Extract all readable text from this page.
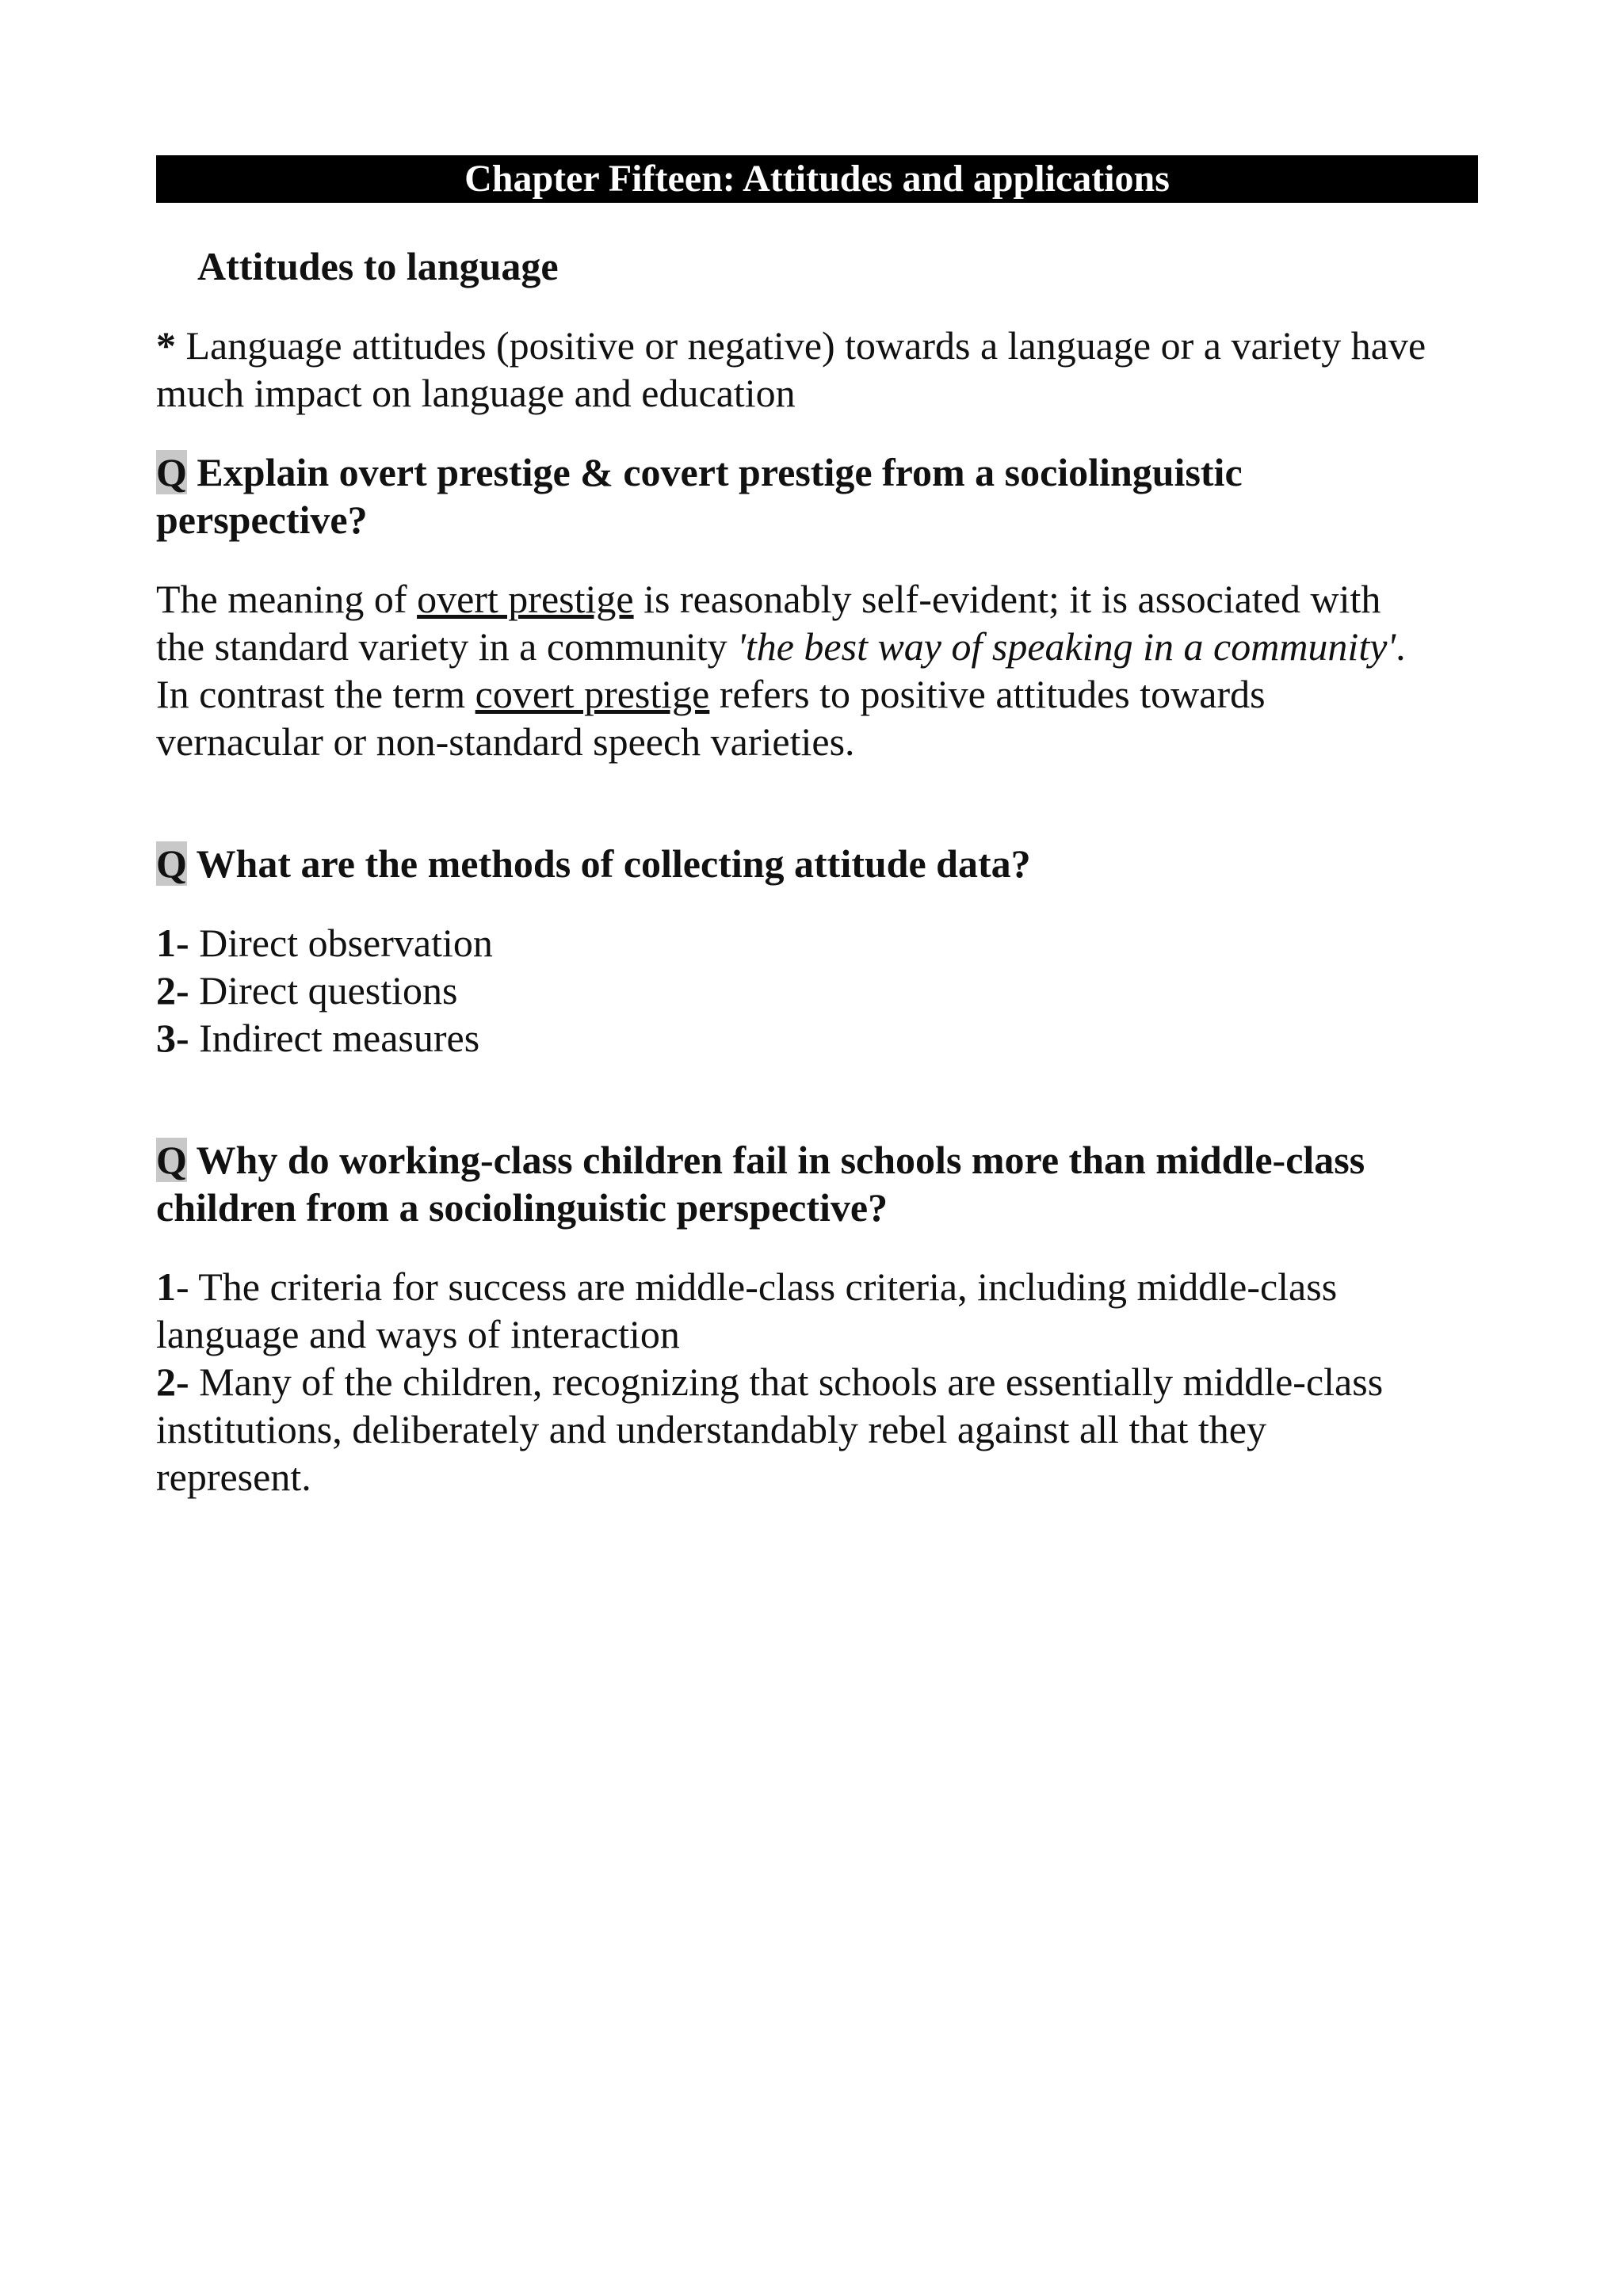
Chapter Fifteen: Attitudes and applications
Attitudes to language
* Language attitudes (positive or negative) towards a language or a variety have
much impact on language and education
Q Explain overt prestige & covert prestige from a sociolinguistic
perspective?
The meaning of overt prestige is reasonably self-evident; it is associated with
the standard variety in a community 'the best way of speaking in a community'.
In contrast the term covert prestige refers to positive attitudes towards
vernacular or non-standard speech varieties.
Q What are the methods of collecting attitude data?
1- Direct observation
2- Direct questions
3- Indirect measures
Q Why do working-class children fail in schools more than middle-class
children from a sociolinguistic perspective?
1- The criteria for success are middle-class criteria, including middle-class
language and ways of interaction
2- Many of the children, recognizing that schools are essentially middle-class
institutions, deliberately and understandably rebel against all that they
represent.
